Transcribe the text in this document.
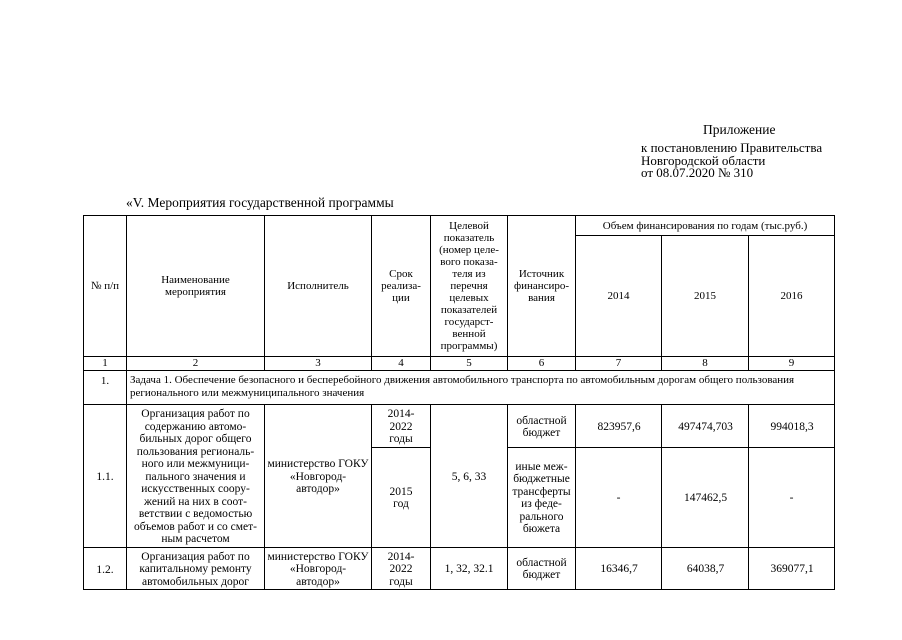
Приложение
к постановлению Правительства
Новгородской области
от 08.07.2020 № 310
«V. Мероприятия государственной программы
№ п/п	Наименование мероприятия	Исполнитель	Срок реализа- ции	Целевой показатель (номер целе- вого показа- теля из перечня целевых показателей государст- венной программы)	Источник финансиро- вания	Объем финансирования по годам (тыс.руб.)		
						2014	2015	2016
1	2	3	4	5	6	7	8	9
1.	Задача 1. Обеспечение безопасного и бесперебойного движения автомобильного транспорта по автомобильным дорогам общего пользования регионального или межмуниципального значения							
1.1.	Организация работ по содержанию автомо- бильных дорог общего пользования региональ- ного или межмуници- пального значения и искусственных соору- жений на них в соот- ветствии с ведомостью объемов работ и со смет- ным расчетом	министерство ГОКУ «Новгород- автодор»	2014- 2022 годы	5, 6, 33	областной бюджет	823957,6	497474,703	994018,3

			2015 год		иные меж- бюджетные трансферты из феде- рального бюжета	-	147462,5	-
1.2.	Организация работ по капитальному ремонту автомобильных дорог	министерство ГОКУ «Новгород- автодор»	2014- 2022 годы	1, 32, 32.1	областной бюджет	16346,7	64038,7	369077,1
